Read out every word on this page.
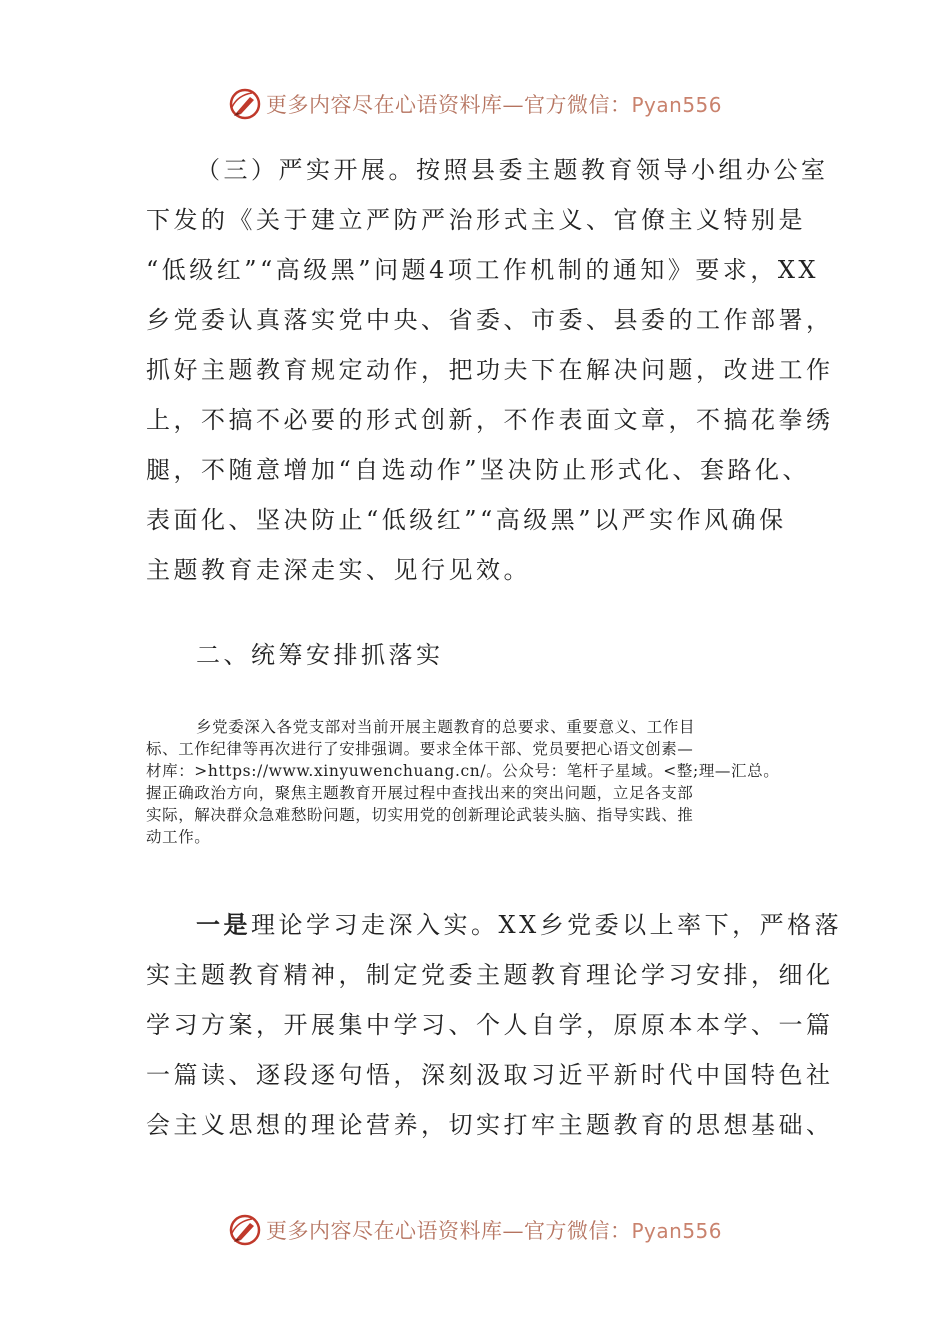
更多内容尽在心语资料库—官方微信：Pyan556
（三）严实开展。按照县委主题教育领导小组办公室
下发的《关于建立严防严治形式主义、官僚主义特别是
“低级红”“高级黑”问题4项工作机制的通知》要求，XX
乡党委认真落实党中央、省委、市委、县委的工作部署，
抓好主题教育规定动作，把功夫下在解决问题，改进工作
上，不搞不必要的形式创新，不作表面文章，不搞花拳绣
腿，不随意增加“自选动作”坚决防止形式化、套路化、
表面化、坚决防止“低级红”“高级黑”以严实作风确保
主题教育走深走实、见行见效。
二、统筹安排抓落实
乡党委深入各党支部对当前开展主题教育的总要求、重要意义、工作目
标、工作纪律等再次进行了安排强调。要求全体干部、党员要把心语文创素—
材库：>https://www.xinyuwenchuang.cn/。公众号：笔杆子星域。<整;理—汇总。
握正确政治方向，聚焦主题教育开展过程中查找出来的突出问题，立足各支部
实际，解决群众急难愁盼问题，切实用党的创新理论武装头脑、指导实践、推
动工作。
一是理论学习走深入实。XX乡党委以上率下，严格落
实主题教育精神，制定党委主题教育理论学习安排，细化
学习方案，开展集中学习、个人自学，原原本本学、一篇
一篇读、逐段逐句悟，深刻汲取习近平新时代中国特色社
会主义思想的理论营养，切实打牢主题教育的思想基础、
更多内容尽在心语资料库—官方微信：Pyan556
